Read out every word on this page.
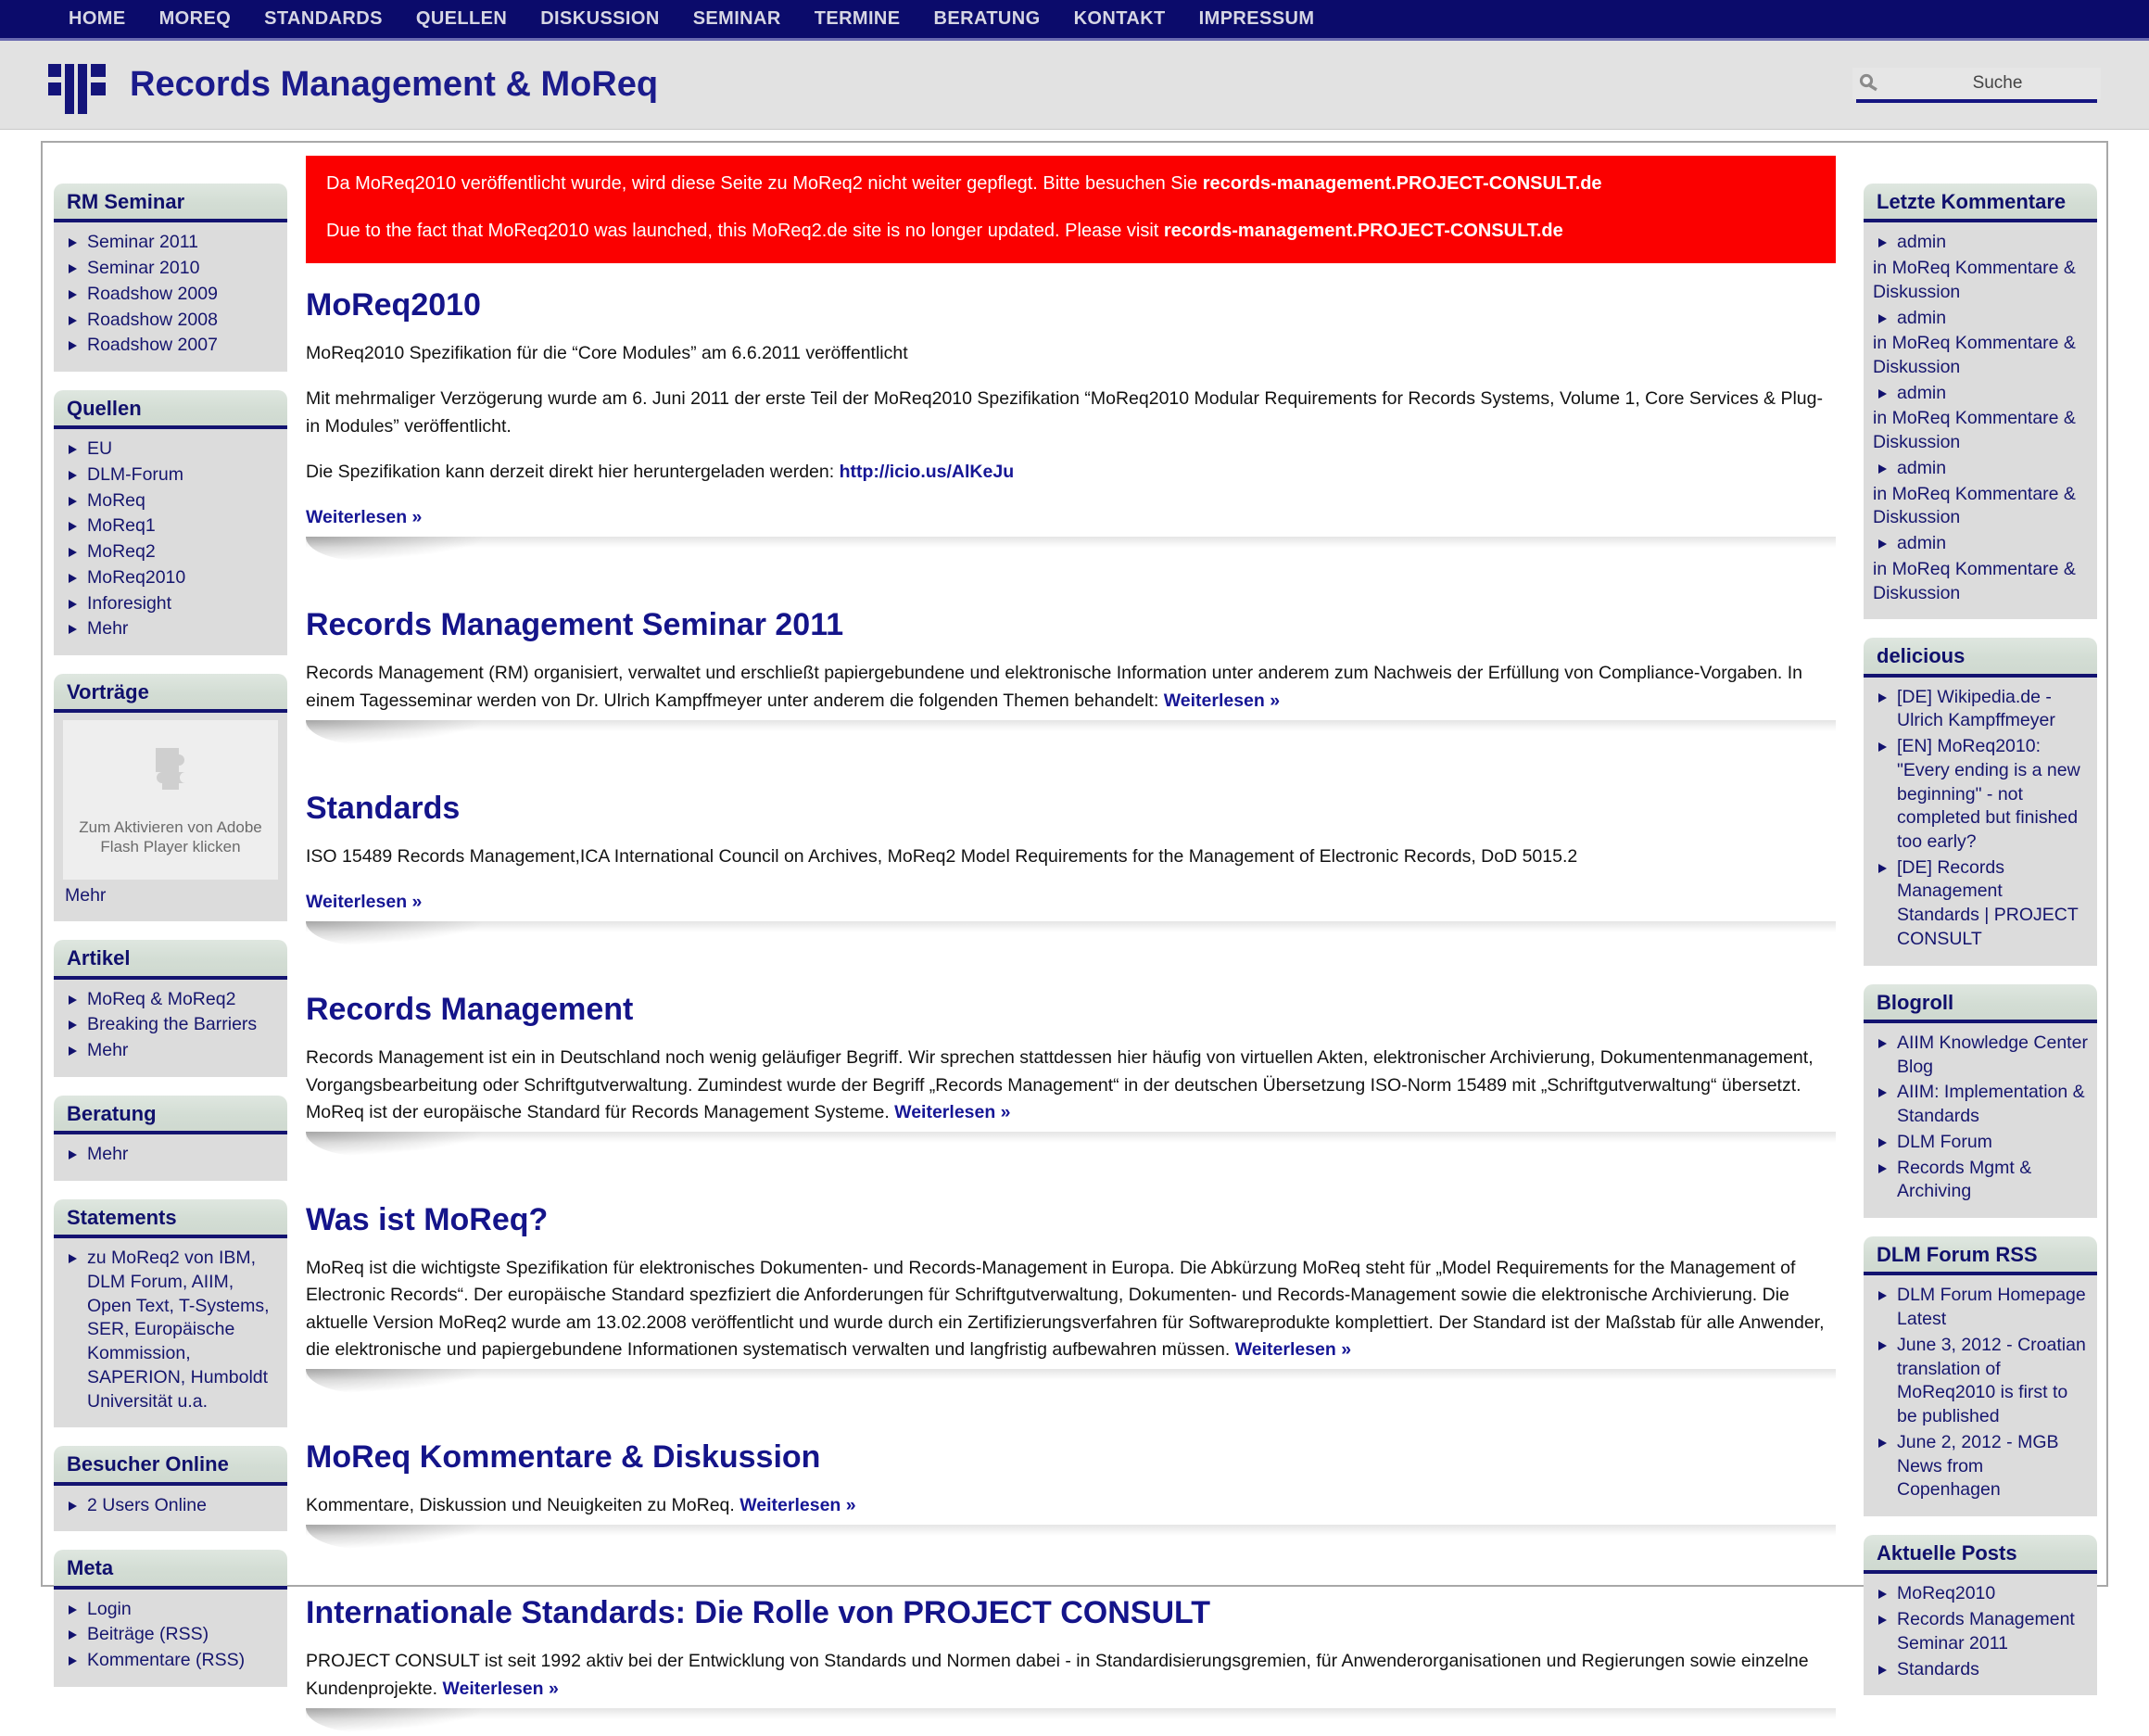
HOME	MOREQ	STANDARDS	QUELLEN	DISKUSSION	SEMINAR	TERMINE	BERATUNG	KONTAKT	IMPRESSUM
Records Management & MoReq
Suche
RM Seminar
Seminar 2011
Seminar 2010
Roadshow 2009
Roadshow 2008
Roadshow 2007
Quellen
EU
DLM-Forum
MoReq
MoReq1
MoReq2
MoReq2010
Inforesight
Mehr
Vorträge
Zum Aktivieren von Adobe Flash Player klicken
Mehr
Artikel
MoReq & MoReq2
Breaking the Barriers
Mehr
Beratung
Mehr
Statements
zu MoReq2 von IBM, DLM Forum, AIIM, Open Text, T-Systems, SER, Europäische Kommission, SAPERION, Humboldt Universität u.a.
Besucher Online
2 Users Online
Meta
Login
Beiträge (RSS)
Kommentare (RSS)

Da MoReq2010 veröffentlicht wurde, wird diese Seite zu MoReq2 nicht weiter gepflegt. Bitte besuchen Sie records-management.PROJECT-CONSULT.de

Due to the fact that MoReq2010 was launched, this MoReq2.de site is no longer updated. Please visit records-management.PROJECT-CONSULT.de

MoReq2010

MoReq2010 Spezifikation für die “Core Modules” am 6.6.2011 veröffentlicht

Mit mehrmaliger Verzögerung wurde am 6. Juni 2011 der erste Teil der MoReq2010 Spezifikation “MoReq2010 Modular Requirements for Records Systems, Volume 1, Core Services & Plug-in Modules” veröffentlicht.

Die Spezifikation kann derzeit direkt hier heruntergeladen werden: http://icio.us/AlKeJu

Weiterlesen »

Records Management Seminar 2011

Records Management (RM) organisiert, verwaltet und erschließt papiergebundene und elektronische Information unter anderem zum Nachweis der Erfüllung von Compliance-Vorgaben. In einem Tagesseminar werden von Dr. Ulrich Kampffmeyer unter anderem die folgenden Themen behandelt: Weiterlesen »

Standards

ISO 15489 Records Management,ICA International Council on Archives, MoReq2 Model Requirements for the Management of Electronic Records, DoD 5015.2

Weiterlesen »

Records Management

Records Management ist ein in Deutschland noch wenig geläufiger Begriff. Wir sprechen stattdessen hier häufig von virtuellen Akten, elektronischer Archivierung, Dokumentenmanagement, Vorgangsbearbeitung oder Schriftgutverwaltung. Zumindest wurde der Begriff „Records Management“ in der deutschen Übersetzung ISO-Norm 15489 mit „Schriftgutverwaltung“ übersetzt. MoReq ist der europäische Standard für Records Management Systeme. Weiterlesen »

Was ist MoReq?

MoReq ist die wichtigste Spezifikation für elektronisches Dokumenten- und Records-Management in Europa. Die Abkürzung MoReq steht für „Model Requirements for the Management of Electronic Records“. Der europäische Standard spezfiziert die Anforderungen für Schriftgutverwaltung, Dokumenten- und Records-Management sowie die elektronische Archivierung. Die aktuelle Version MoReq2 wurde am 13.02.2008 veröffentlicht und wurde durch ein Zertifizierungsverfahren für Softwareprodukte komplettiert. Der Standard ist der Maßstab für alle Anwender, die elektronische und papiergebundene Informationen systematisch verwalten und langfristig aufbewahren müssen. Weiterlesen »

MoReq Kommentare & Diskussion

Kommentare, Diskussion und Neuigkeiten zu MoReq. Weiterlesen »

Internationale Standards: Die Rolle von PROJECT CONSULT

PROJECT CONSULT ist seit 1992 aktiv bei der Entwicklung von Standards und Normen dabei - in Standardisierungsgremien, für Anwenderorganisationen und Regierungen sowie einzelne Kundenprojekte. Weiterlesen »

Letzte Kommentare
admin
in MoReq Kommentare & Diskussion
admin
in MoReq Kommentare & Diskussion
admin
in MoReq Kommentare & Diskussion
admin
in MoReq Kommentare & Diskussion
admin
in MoReq Kommentare & Diskussion
delicious
[DE] Wikipedia.de - Ulrich Kampffmeyer
[EN] MoReq2010: "Every ending is a new beginning" - not completed but finished too early?
[DE] Records Management Standards | PROJECT CONSULT
Blogroll
AIIM Knowledge Center Blog
AIIM: Implementation & Standards
DLM Forum
Records Mgmt & Archiving
DLM Forum RSS
DLM Forum Homepage Latest
June 3, 2012 - Croatian translation of MoReq2010 is first to be published
June 2, 2012 - MGB News from Copenhagen
Aktuelle Posts
MoReq2010
Records Management Seminar 2011
Standards
